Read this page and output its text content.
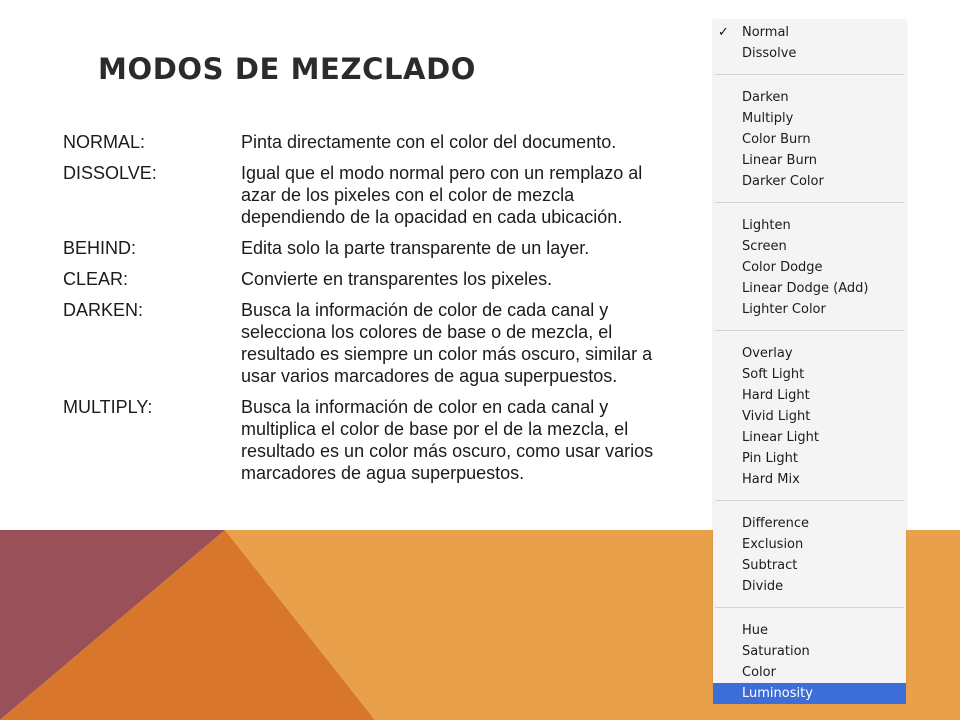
MODOS DE MEZCLADO
NORMAL:	Pinta directamente con el color del documento.
DISSOLVE:	Igual que el modo normal pero con un remplazo al azar de los pixeles con el color de mezcla dependiendo de la opacidad en cada ubicación.
BEHIND:	Edita solo la parte transparente de un layer.
CLEAR:	Convierte en transparentes los pixeles.
DARKEN:	Busca la información de color de cada canal y selecciona los colores de base o de mezcla, el resultado es siempre un color más oscuro, similar a usar varios marcadores de agua superpuestos.
MULTIPLY:	Busca la información de color en cada canal y multiplica el color de base por el de la mezcla, el resultado es un color más oscuro, como usar varios marcadores de agua superpuestos.
✓ Normal
Dissolve
Darken
Multiply
Color Burn
Linear Burn
Darker Color
Lighten
Screen
Color Dodge
Linear Dodge (Add)
Lighter Color
Overlay
Soft Light
Hard Light
Vivid Light
Linear Light
Pin Light
Hard Mix
Difference
Exclusion
Subtract
Divide
Hue
Saturation
Color
Luminosity
